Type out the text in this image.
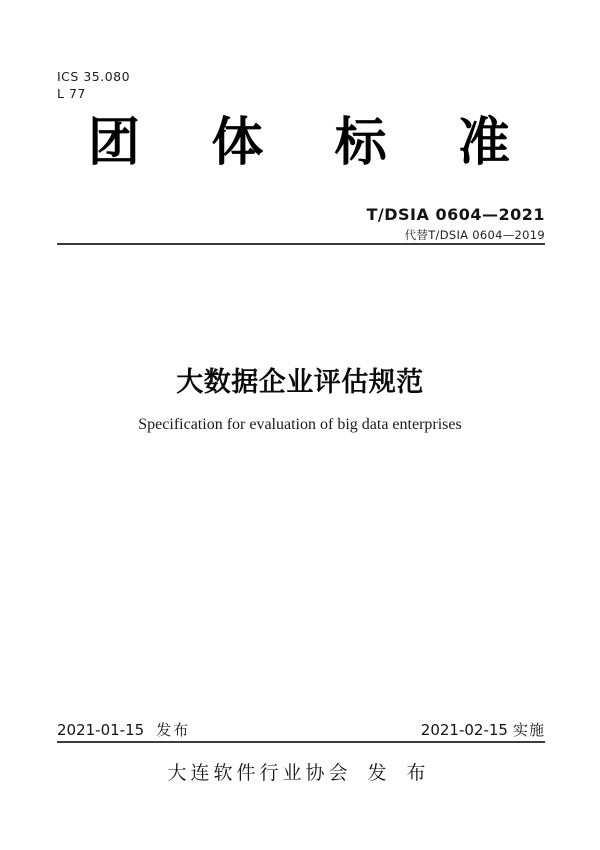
ICS 35.080
L 77
团 体 标 准
T/DSIA 0604—2021
代替T/DSIA 0604—2019
大数据企业评估规范
Specification for evaluation of big data enterprises
2021-01-15 发布	2021-02-15 实施
大连软件行业协会 发 布
